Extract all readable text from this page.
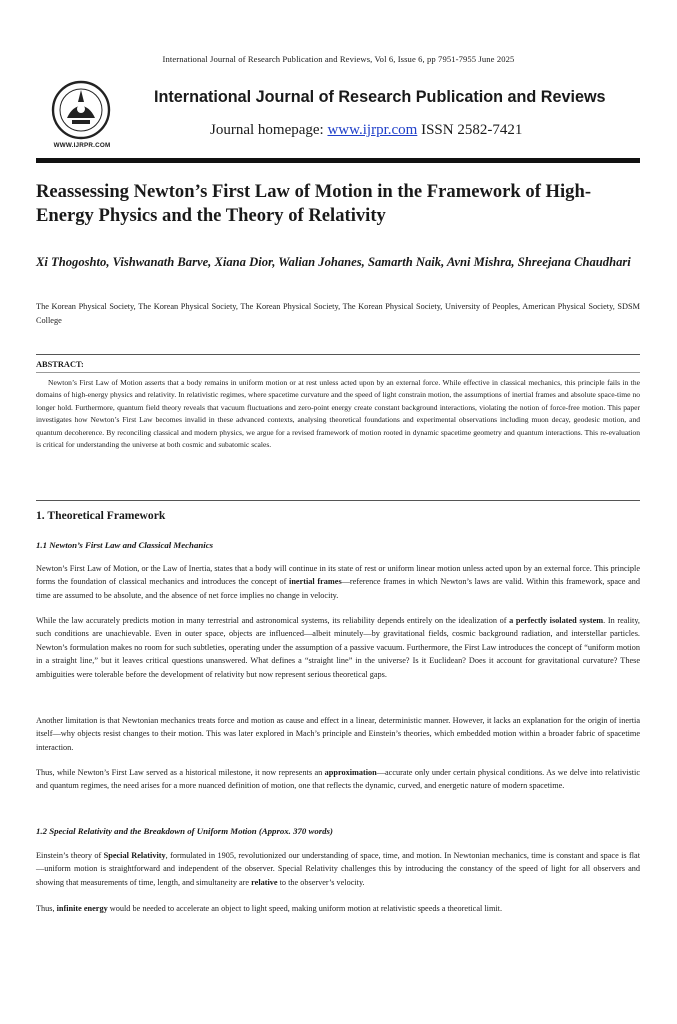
International Journal of Research Publication and Reviews, Vol 6, Issue 6, pp 7951-7955 June 2025
WWW.IJRPR.COM
International Journal of Research Publication and Reviews
Journal homepage: www.ijrpr.com ISSN 2582-7421
Reassessing Newton’s First Law of Motion in the Framework of High-Energy Physics and the Theory of Relativity
Xi Thogoshto, Vishwanath Barve, Xiana Dior, Walian Johanes, Samarth Naik, Avni Mishra, Shreejana Chaudhari
The Korean Physical Society, The Korean Physical Society, The Korean Physical Society, The Korean Physical Society, University of Peoples, American Physical Society, SDSM College
ABSTRACT:
Newton’s First Law of Motion asserts that a body remains in uniform motion or at rest unless acted upon by an external force. While effective in classical mechanics, this principle fails in the domains of high-energy physics and relativity. In relativistic regimes, where spacetime curvature and the speed of light constrain motion, the assumptions of inertial frames and absolute space-time no longer hold. Furthermore, quantum field theory reveals that vacuum fluctuations and zero-point energy create constant background interactions, violating the notion of force-free motion. This paper investigates how Newton’s First Law becomes invalid in these advanced contexts, analysing theoretical foundations and experimental observations including muon decay, geodesic motion, and quantum decoherence. By reconciling classical and modern physics, we argue for a revised framework of motion rooted in dynamic spacetime geometry and quantum interactions. This re-evaluation is critical for understanding the universe at both cosmic and subatomic scales.
1. Theoretical Framework
1.1 Newton’s First Law and Classical Mechanics
Newton’s First Law of Motion, or the Law of Inertia, states that a body will continue in its state of rest or uniform linear motion unless acted upon by an external force. This principle forms the foundation of classical mechanics and introduces the concept of inertial frames—reference frames in which Newton’s laws are valid. Within this framework, space and time are assumed to be absolute, and the absence of net force implies no change in velocity.
While the law accurately predicts motion in many terrestrial and astronomical systems, its reliability depends entirely on the idealization of a perfectly isolated system. In reality, such conditions are unachievable. Even in outer space, objects are influenced—albeit minutely—by gravitational fields, cosmic background radiation, and interstellar particles. Newton’s formulation makes no room for such subtleties, operating under the assumption of a passive vacuum. Furthermore, the First Law introduces the concept of “uniform motion in a straight line,” but it leaves critical questions unanswered. What defines a “straight line” in the universe? Is it Euclidean? Does it account for gravitational curvature? These ambiguities were tolerable before the development of relativity but now represent serious theoretical gaps.
Another limitation is that Newtonian mechanics treats force and motion as cause and effect in a linear, deterministic manner. However, it lacks an explanation for the origin of inertia itself—why objects resist changes to their motion. This was later explored in Mach’s principle and Einstein’s theories, which embedded motion within a broader fabric of spacetime interaction.
Thus, while Newton’s First Law served as a historical milestone, it now represents an approximation—accurate only under certain physical conditions. As we delve into relativistic and quantum regimes, the need arises for a more nuanced definition of motion, one that reflects the dynamic, curved, and energetic nature of modern spacetime.
1.2 Special Relativity and the Breakdown of Uniform Motion (Approx. 370 words)
Einstein’s theory of Special Relativity, formulated in 1905, revolutionized our understanding of space, time, and motion. In Newtonian mechanics, time is constant and space is flat—uniform motion is straightforward and independent of the observer. Special Relativity challenges this by introducing the constancy of the speed of light for all observers and showing that measurements of time, length, and simultaneity are relative to the observer’s velocity.
Thus, infinite energy would be needed to accelerate an object to light speed, making uniform motion at relativistic speeds a theoretical limit.
